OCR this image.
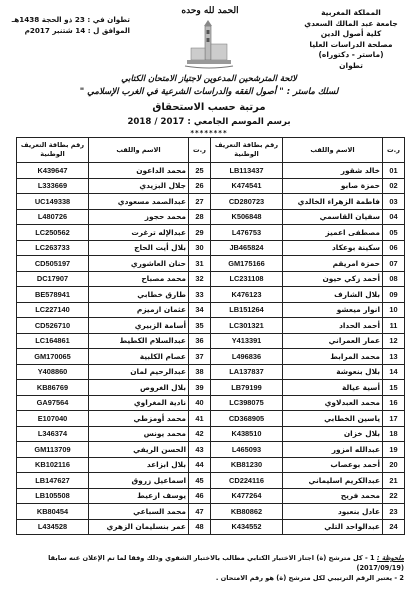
الحمد لله وحده	المملكة المغربية
جامعة عبد المالك السعدي
كلية أصول الدين
مصلحة الدراسات العليا
(ماستر - دكتوراه)
تطوان
تطوان في : 23 ذو الحجة 1438هـ
الموافق ل : 14 شتنبر 2017م
لائحة المترشحين المدعوين لاجتياز الامتحان الكتابي
لسلك ماستر : " أصول الفقه والدراسات الشرعية في الغرب الإسلامي "
مرتبة حسب الاستحقاق
برسم الموسم الجامعي : 2017 / 2018
********
ر.ت	الاسم واللقب	رقم بطاقة التعريف الوطنية	ر.ت	الاسم واللقب	رقم بطاقة التعريف الوطنية
01	خالد شقور	LB113437	25	محمد الداعون	K439647
02	حمزة صابو	K474541	26	جلال البزيدي	L333669
03	فاطمة الزهراء الخالدي	CD280723	27	عبدالصمد مسعودي	UC149338
04	سفيان القاسمي	K506848	28	محمد حجوز	L480726
05	مصطفى اعميز	L476753	29	عبدالإله ترغرت	LC250562
06	سكينة بوعكاد	JB465824	30	بلال أيت الحاج	LC263733
07	حمزة امريقم	GM175166	31	حنان العاشوري	CD505197
08	أحمد زكي حيون	LC231108	32	محمد مصباح	DC17907
09	بلال الشارف	K476123	33	طارق خطابي	BE578941
10	انوار ميعشو	LB151264	34	عثمان ازميزم	LC227140
11	أحمد الحداد	LC301321	35	أسامة الزبيري	CD526710
12	عمار العمراني	Y413391	36	عبدالسلام الكطيط	LC164861
13	محمد المرابط	L496836	37	عصام الكلبية	GM170065
14	بلال بنعوشة	LA137837	38	عبدالرحيم لمان	Y408860
15	أسية عيالة	LB79199	39	بلال الغروص	KB86769
16	محمد العبدلاوي	LC398075	40	نادية المغراوي	GA97564
17	ياسين الخطابي	CD368905	41	محمد أومزطي	E107040
18	بلال خزان	K438510	42	محمد يونس	L346374
19	عبدالله امزور	L465093	43	الحسن الريفي	GM113709
20	أحمد بوعصاب	KB81230	44	بلال ابزاعد	KB102116
21	عبدالكريم اسليماني	CD224116	45	اسماعيل زروق	LB147627
22	محمد فريح	K477264	46	يوسف ازعيط	LB105508
23	عادل بنعبود	KB80862	47	محمد السباعي	KB80454
24	عبدالواحد التلي	K434552	48	عمر بنسليمان الزهري	L434528
ملحوظة : 1 - كل مترشح (ة) اجتاز الاختبار الكتابي مطالب بالاختبار الشفوي وذلك وفقا لما تم الإعلان عنه سابقا (2017/09/19)
2 - يعتبر الرقم الترتيبي لكل مترشح (ة) هو رقم الامتحان .
